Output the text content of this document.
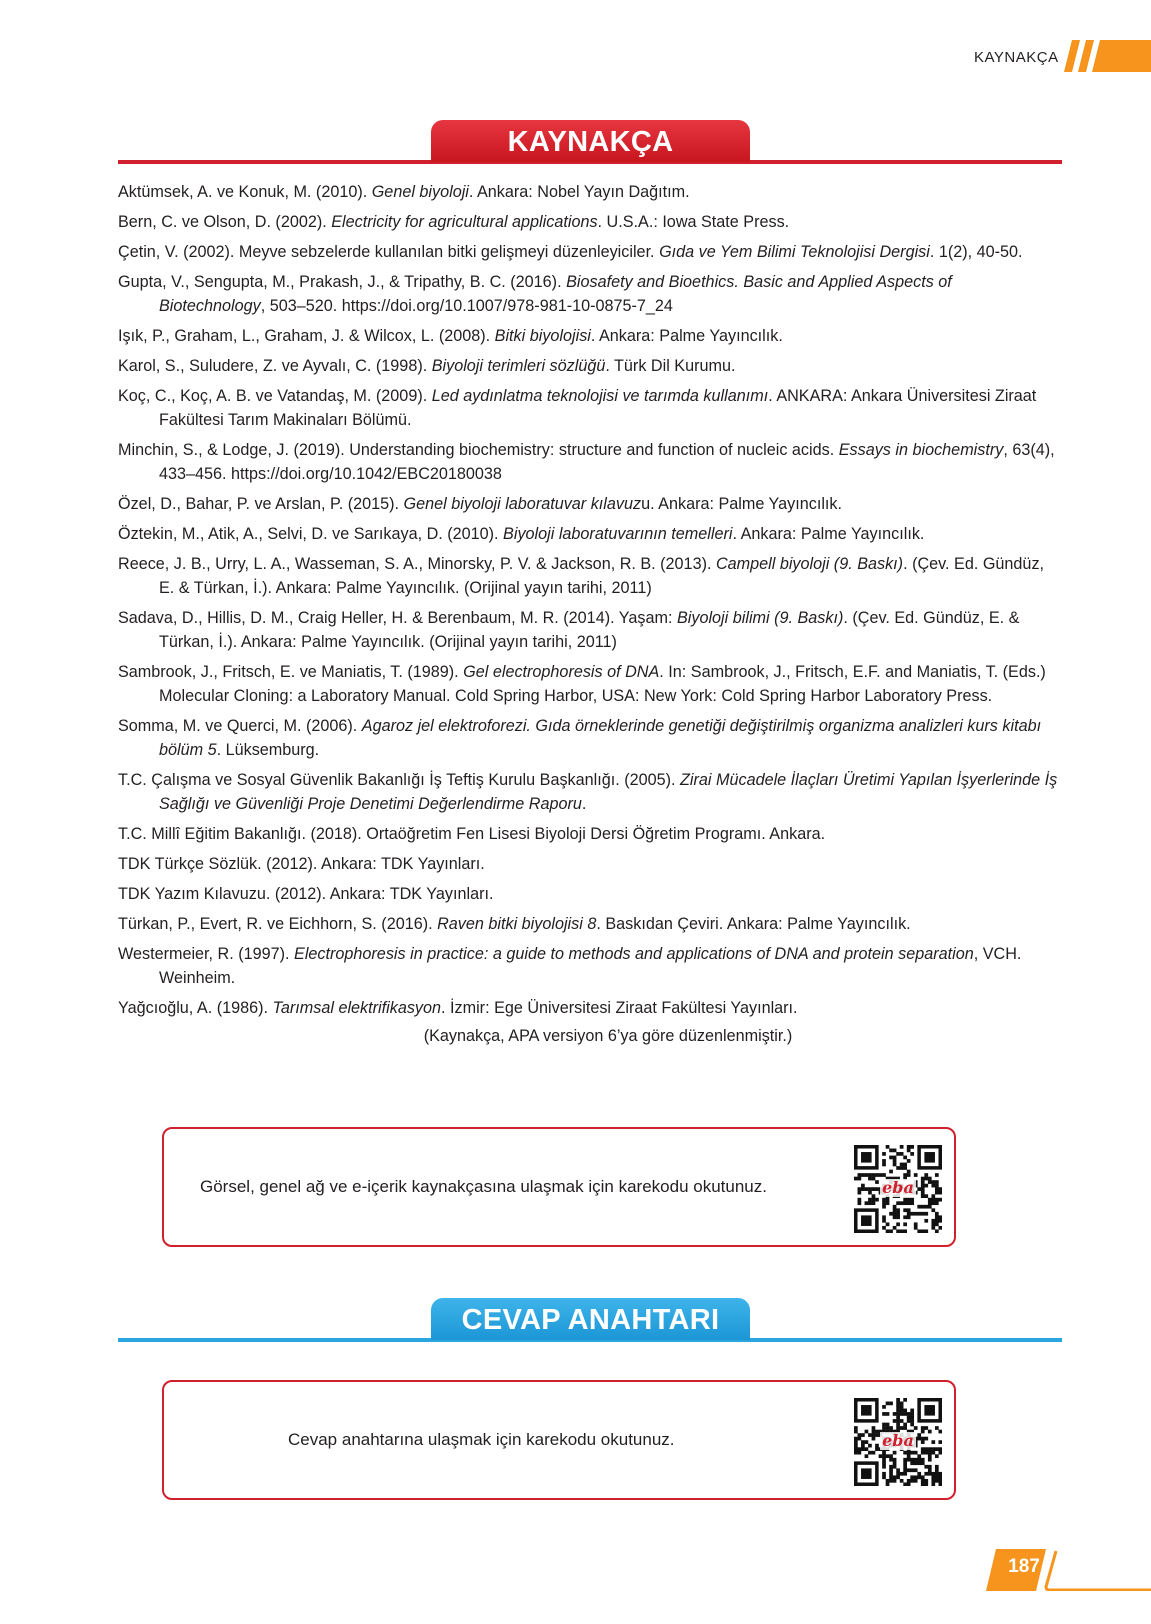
KAYNAKÇA
KAYNAKÇA
Aktümsek, A. ve Konuk, M. (2010). Genel biyoloji. Ankara: Nobel Yayın Dağıtım.
Bern, C. ve Olson, D. (2002). Electricity for agricultural applications. U.S.A.: Iowa State Press.
Çetin, V. (2002). Meyve sebzelerde kullanılan bitki gelişmeyi düzenleyiciler. Gıda ve Yem Bilimi Teknolojisi Dergisi. 1(2), 40-50.
Gupta, V., Sengupta, M., Prakash, J., & Tripathy, B. C. (2016). Biosafety and Bioethics. Basic and Applied Aspects of Biotechnology, 503–520. https://doi.org/10.1007/978-981-10-0875-7_24
Işık, P., Graham, L., Graham, J. & Wilcox, L. (2008). Bitki biyolojisi. Ankara: Palme Yayıncılık.
Karol, S., Suludere, Z. ve Ayvalı, C. (1998). Biyoloji terimleri sözlüğü. Türk Dil Kurumu.
Koç, C., Koç, A. B. ve Vatandaş, M. (2009). Led aydınlatma teknolojisi ve tarımda kullanımı. ANKARA: Ankara Üniversitesi Ziraat Fakültesi Tarım Makinaları Bölümü.
Minchin, S., & Lodge, J. (2019). Understanding biochemistry: structure and function of nucleic acids. Essays in biochemistry, 63(4), 433–456. https://doi.org/10.1042/EBC20180038
Özel, D., Bahar, P. ve Arslan, P. (2015). Genel biyoloji laboratuvar kılavuzu. Ankara: Palme Yayıncılık.
Öztekin, M., Atik, A., Selvi, D. ve Sarıkaya, D. (2010). Biyoloji laboratuvarının temelleri. Ankara: Palme Yayıncılık.
Reece, J. B., Urry, L. A., Wasseman, S. A., Minorsky, P. V. & Jackson, R. B. (2013). Campell biyoloji (9. Baskı). (Çev. Ed. Gündüz, E. & Türkan, İ.). Ankara: Palme Yayıncılık. (Orijinal yayın tarihi, 2011)
Sadava, D., Hillis, D. M., Craig Heller, H. & Berenbaum, M. R. (2014). Yaşam: Biyoloji bilimi (9. Baskı). (Çev. Ed. Gündüz, E. & Türkan, İ.). Ankara: Palme Yayıncılık. (Orijinal yayın tarihi, 2011)
Sambrook, J., Fritsch, E. ve Maniatis, T. (1989). Gel electrophoresis of DNA. In: Sambrook, J., Fritsch, E.F. and Maniatis, T. (Eds.) Molecular Cloning: a Laboratory Manual. Cold Spring Harbor, USA: New York: Cold Spring Harbor Laboratory Press.
Somma, M. ve Querci, M. (2006). Agaroz jel elektroforezi. Gıda örneklerinde genetiği değiştirilmiş organizma analizleri kurs kitabı bölüm 5. Lüksemburg.
T.C. Çalışma ve Sosyal Güvenlik Bakanlığı İş Teftiş Kurulu Başkanlığı. (2005). Zirai Mücadele İlaçları Üretimi Yapılan İşyerlerinde İş Sağlığı ve Güvenliği Proje Denetimi Değerlendirme Raporu.
T.C. Millî Eğitim Bakanlığı. (2018). Ortaöğretim Fen Lisesi Biyoloji Dersi Öğretim Programı. Ankara.
TDK Türkçe Sözlük. (2012). Ankara: TDK Yayınları.
TDK Yazım Kılavuzu. (2012). Ankara: TDK Yayınları.
Türkan, P., Evert, R. ve Eichhorn, S. (2016). Raven bitki biyolojisi 8. Baskıdan Çeviri. Ankara: Palme Yayıncılık.
Westermeier, R. (1997). Electrophoresis in practice: a guide to methods and applications of DNA and protein separation, VCH. Weinheim.
Yağcıoğlu, A. (1986). Tarımsal elektrifikasyon. İzmir: Ege Üniversitesi Ziraat Fakültesi Yayınları.
(Kaynakça, APA versiyon 6’ya göre düzenlenmiştir.)
Görsel, genel ağ ve e-içerik kaynakçasına ulaşmak için karekodu okutunuz.	eba
CEVAP ANAHTARI
Cevap anahtarına ulaşmak için karekodu okutunuz.	eba
187
